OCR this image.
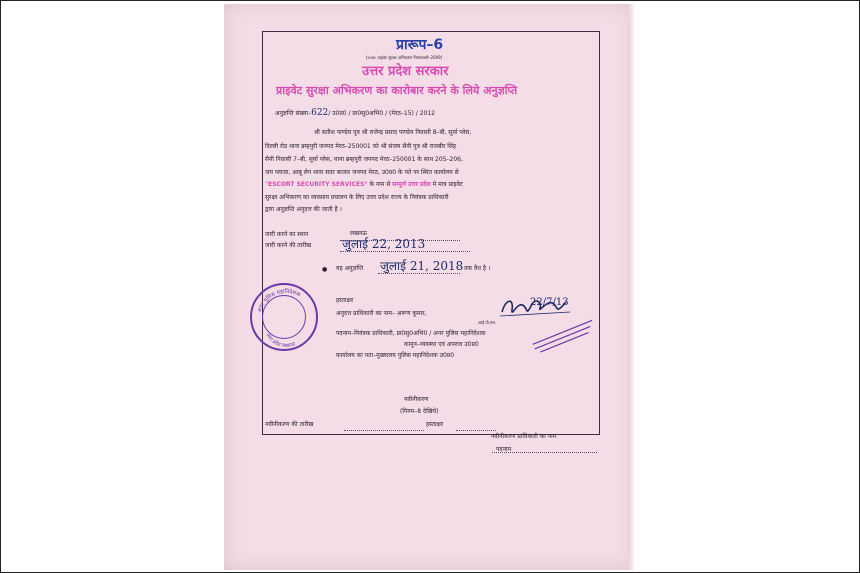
प्रारूप–6
(उ०प्र० प्राइवेट सुरक्षा अभिकरण नियमावली–2009)
उत्तर प्रदेश सरकार
प्राइवेट सुरक्षा अभिकरण का कारोबार करने के लिये अनुज्ञप्ति
अनुज्ञप्ति संख्या–622/ उ0प्र0 / प्रा0सु0अभि0 / (मेरठ–15) / 2012
श्री सतीश पाण्डेय पुत्र श्री राजेन्द्र प्रसाद पाण्डेय निवासी 8–बी, सूर्या प्लेस,
दिल्ली रोड थाना ब्रम्हपुरी जनपद मेरठ–250001 को श्री संजय सैनी पुत्र श्री राजबीर सिंह
सैनी निवासी 7–बी, सूर्या प्लेस, थाना ब्रम्हपुरी जनपद मेरठ–250001 के साथ 205–206,
जय प्लाजा, आबू लेन थाना सदर बाजार जनपद मेरठ, उ0प्र0 के पते पर स्थित कार्यालय से
"ESCORT SECURITY SERVICES" के नाम से सम्पूर्ण उत्तर प्रदेश मे मात्र प्राइवेट
सुरक्षा अभिकरण का व्यवसाय प्रचालन के लिए उत्तर प्रदेश राज्य के नियंत्रक प्राधिकारी
द्वारा अनुज्ञप्ति अनुदत्त की जाती है ।
जारी करने का स्थान	लखनऊ
जारी करने की तारीख	जुलाई 22, 2013
● यह अनुज्ञप्ति जुलाई 21, 2018 तक वैध है ।
अपर पुलिस महानिदेशक
उत्तर प्रदेश लखनऊ
हस्ताक्षर
अनुदत्त प्राधिकारी का नाम– अरूण कुमार,
आई.पी.एस.
पदनाम–नियंत्रक प्राधिकारी, प्रा0सु0अभि0 / अपर पुलिस महानिदेशक
कानून–व्यवस्था एवं अपराध उ0प्र0
कार्यालय का पता–मुख्यालय पुलिस महानिदेशक उ0प्र0
22/7/13
नवीनीकरण
(नियम–8 देखिये)
नवीनीकरण की तारीख	हस्ताक्षर
नवीनीकरण प्राधिकारी का नाम
पदनाम
